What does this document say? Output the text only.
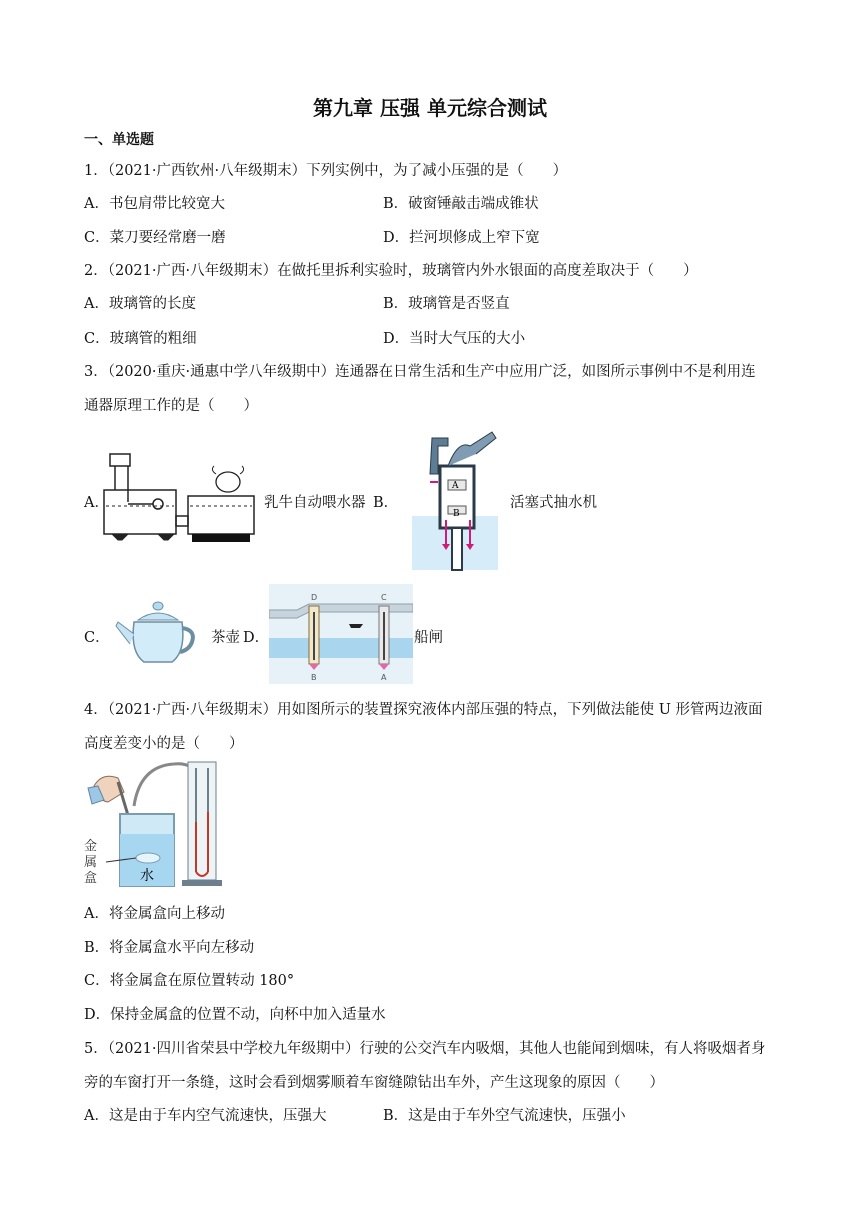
第九章 压强 单元综合测试
一、单选题
1．（2021·广西钦州·八年级期末）下列实例中，为了减小压强的是（　　）
A．书包肩带比较宽大	B．破窗锤敲击端成锥状
C．菜刀要经常磨一磨	D．拦河坝修成上窄下宽
2．（2021·广西·八年级期末）在做托里拆利实验时，玻璃管内外水银面的高度差取决于（　　）
A．玻璃管的长度	B．玻璃管是否竖直
C．玻璃管的粗细	D．当时大气压的大小
3．（2020·重庆·通惠中学八年级期中）连通器在日常生活和生产中应用广泛，如图所示事例中不是利用连
通器原理工作的是（　　）
A．	乳牛自动喂水器 B．
A
B
活塞式抽水机
C．	茶壶 D．
D	C
B	A
船闸
4．（2021·广西·八年级期末）用如图所示的装置探究液体内部压强的特点，下列做法能使 U 形管两边液面
高度差变小的是（　　）
水
金
属
盒
A．将金属盒向上移动
B．将金属盒水平向左移动
C．将金属盒在原位置转动 180°
D．保持金属盒的位置不动，向杯中加入适量水
5．（2021·四川省荣县中学校九年级期中）行驶的公交汽车内吸烟，其他人也能闻到烟味，有人将吸烟者身
旁的车窗打开一条缝，这时会看到烟雾顺着车窗缝隙钻出车外，产生这现象的原因（　　）
A．这是由于车内空气流速快，压强大	B．这是由于车外空气流速快，压强小
